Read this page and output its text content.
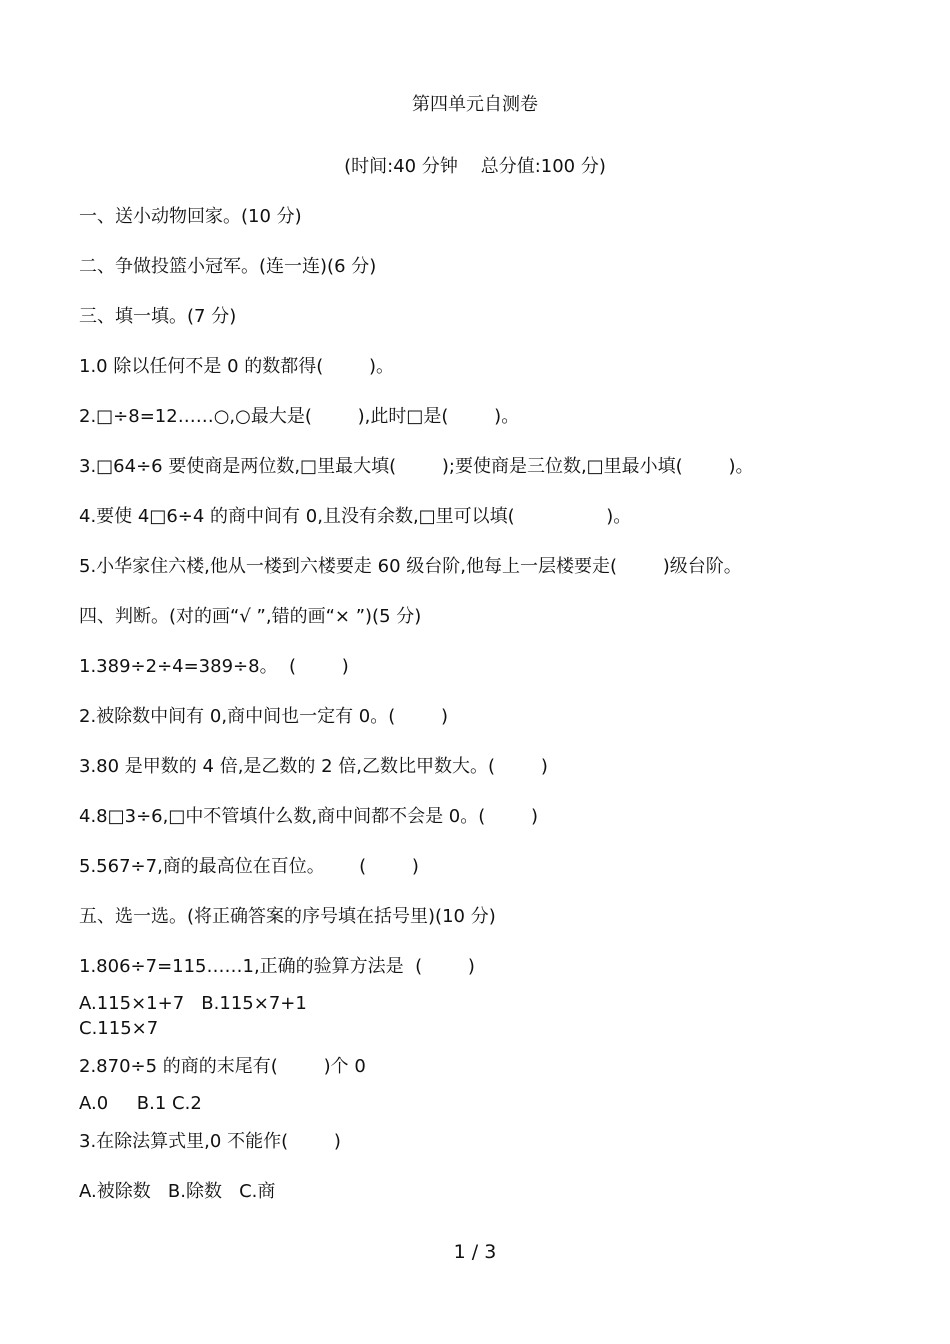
第四单元自测卷
(时间:40 分钟    总分值:100 分)
一、送小动物回家。(10 分)
二、争做投篮小冠军。(连一连)(6 分)
三、填一填。(7 分)
1.0 除以任何不是 0 的数都得(        )。
2.□÷8=12……○,○最大是(        ),此时□是(        )。
3.□64÷6 要使商是两位数,□里最大填(        );要使商是三位数,□里最小填(        )。
4.要使 4□6÷4 的商中间有 0,且没有余数,□里可以填(                )。
5.小华家住六楼,他从一楼到六楼要走 60 级台阶,他每上一层楼要走(        )级台阶。
四、判断。(对的画“√ ”,错的画“× ”)(5 分)
1.389÷2÷4=389÷8。  (        )
2.被除数中间有 0,商中间也一定有 0。(        )
3.80 是甲数的 4 倍,是乙数的 2 倍,乙数比甲数大。(        )
4.8□3÷6,□中不管填什么数,商中间都不会是 0。(        )
5.567÷7,商的最高位在百位。      (        )
五、选一选。(将正确答案的序号填在括号里)(10 分)
1.806÷7=115……1,正确的验算方法是  (        )
A.115×1+7   B.115×7+1
C.115×7
2.870÷5 的商的末尾有(        )个 0
A.0     B.1 C.2
3.在除法算式里,0 不能作(        )
A.被除数   B.除数   C.商
1 / 3
